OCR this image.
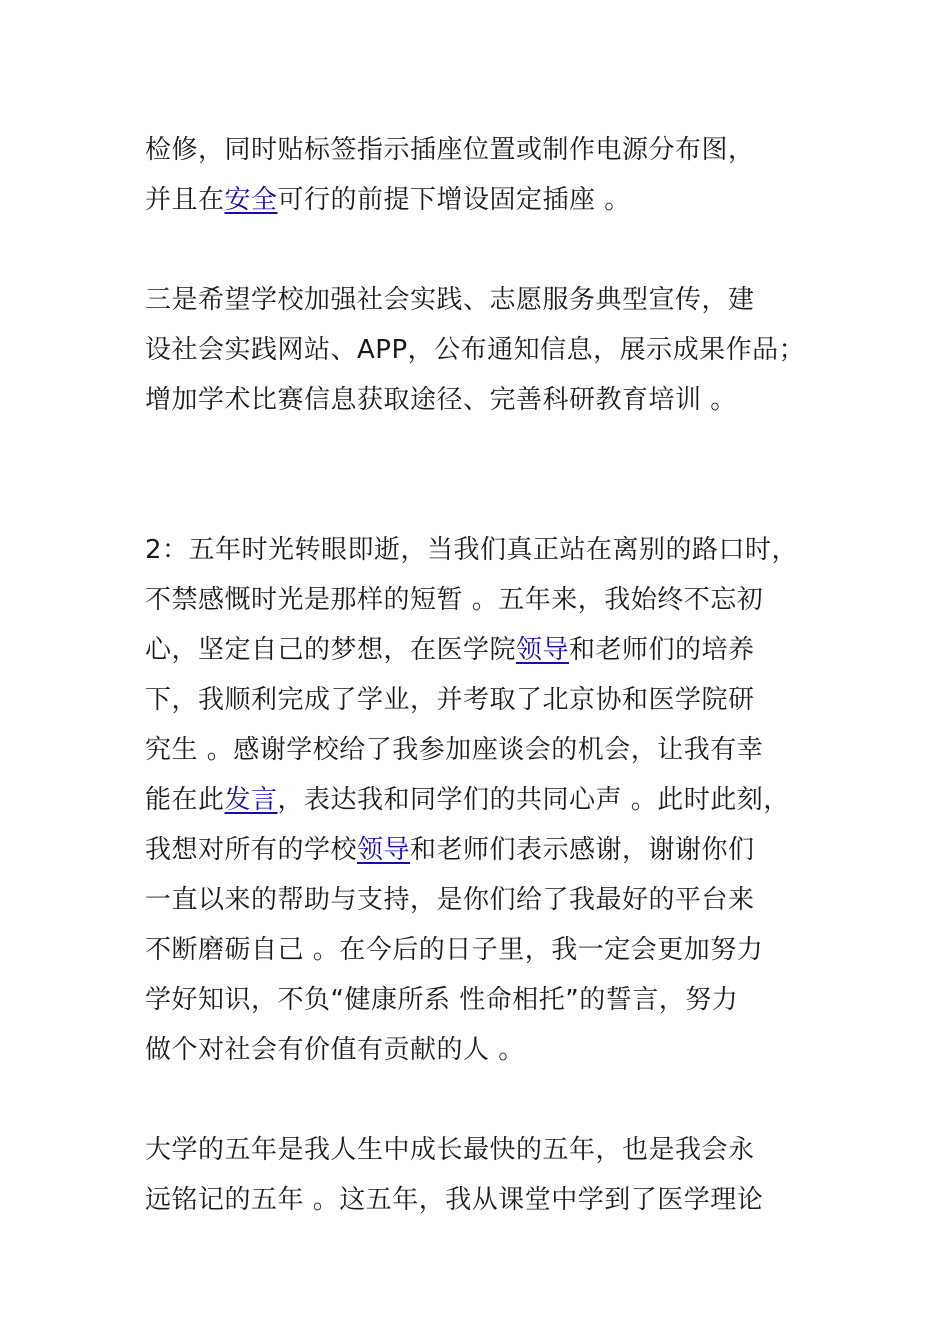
检修，同时贴标签指示插座位置或制作电源分布图，
并且在安全可行的前提下增设固定插座 。

三是希望学校加强社会实践、志愿服务典型宣传，建
设社会实践网站、APP，公布通知信息，展示成果作品；
增加学术比赛信息获取途径、完善科研教育培训 。

2：五年时光转眼即逝，当我们真正站在离别的路口时，
不禁感慨时光是那样的短暂 。五年来，我始终不忘初
心，坚定自己的梦想，在医学院领导和老师们的培养
下，我顺利完成了学业，并考取了北京协和医学院研
究生 。感谢学校给了我参加座谈会的机会，让我有幸
能在此发言，表达我和同学们的共同心声 。此时此刻，
我想对所有的学校领导和老师们表示感谢，谢谢你们
一直以来的帮助与支持，是你们给了我最好的平台来
不断磨砺自己 。在今后的日子里，我一定会更加努力
学好知识，不负“健康所系 性命相托”的誓言，努力
做个对社会有价值有贡献的人 。

大学的五年是我人生中成长最快的五年，也是我会永
远铭记的五年 。这五年，我从课堂中学到了医学理论
